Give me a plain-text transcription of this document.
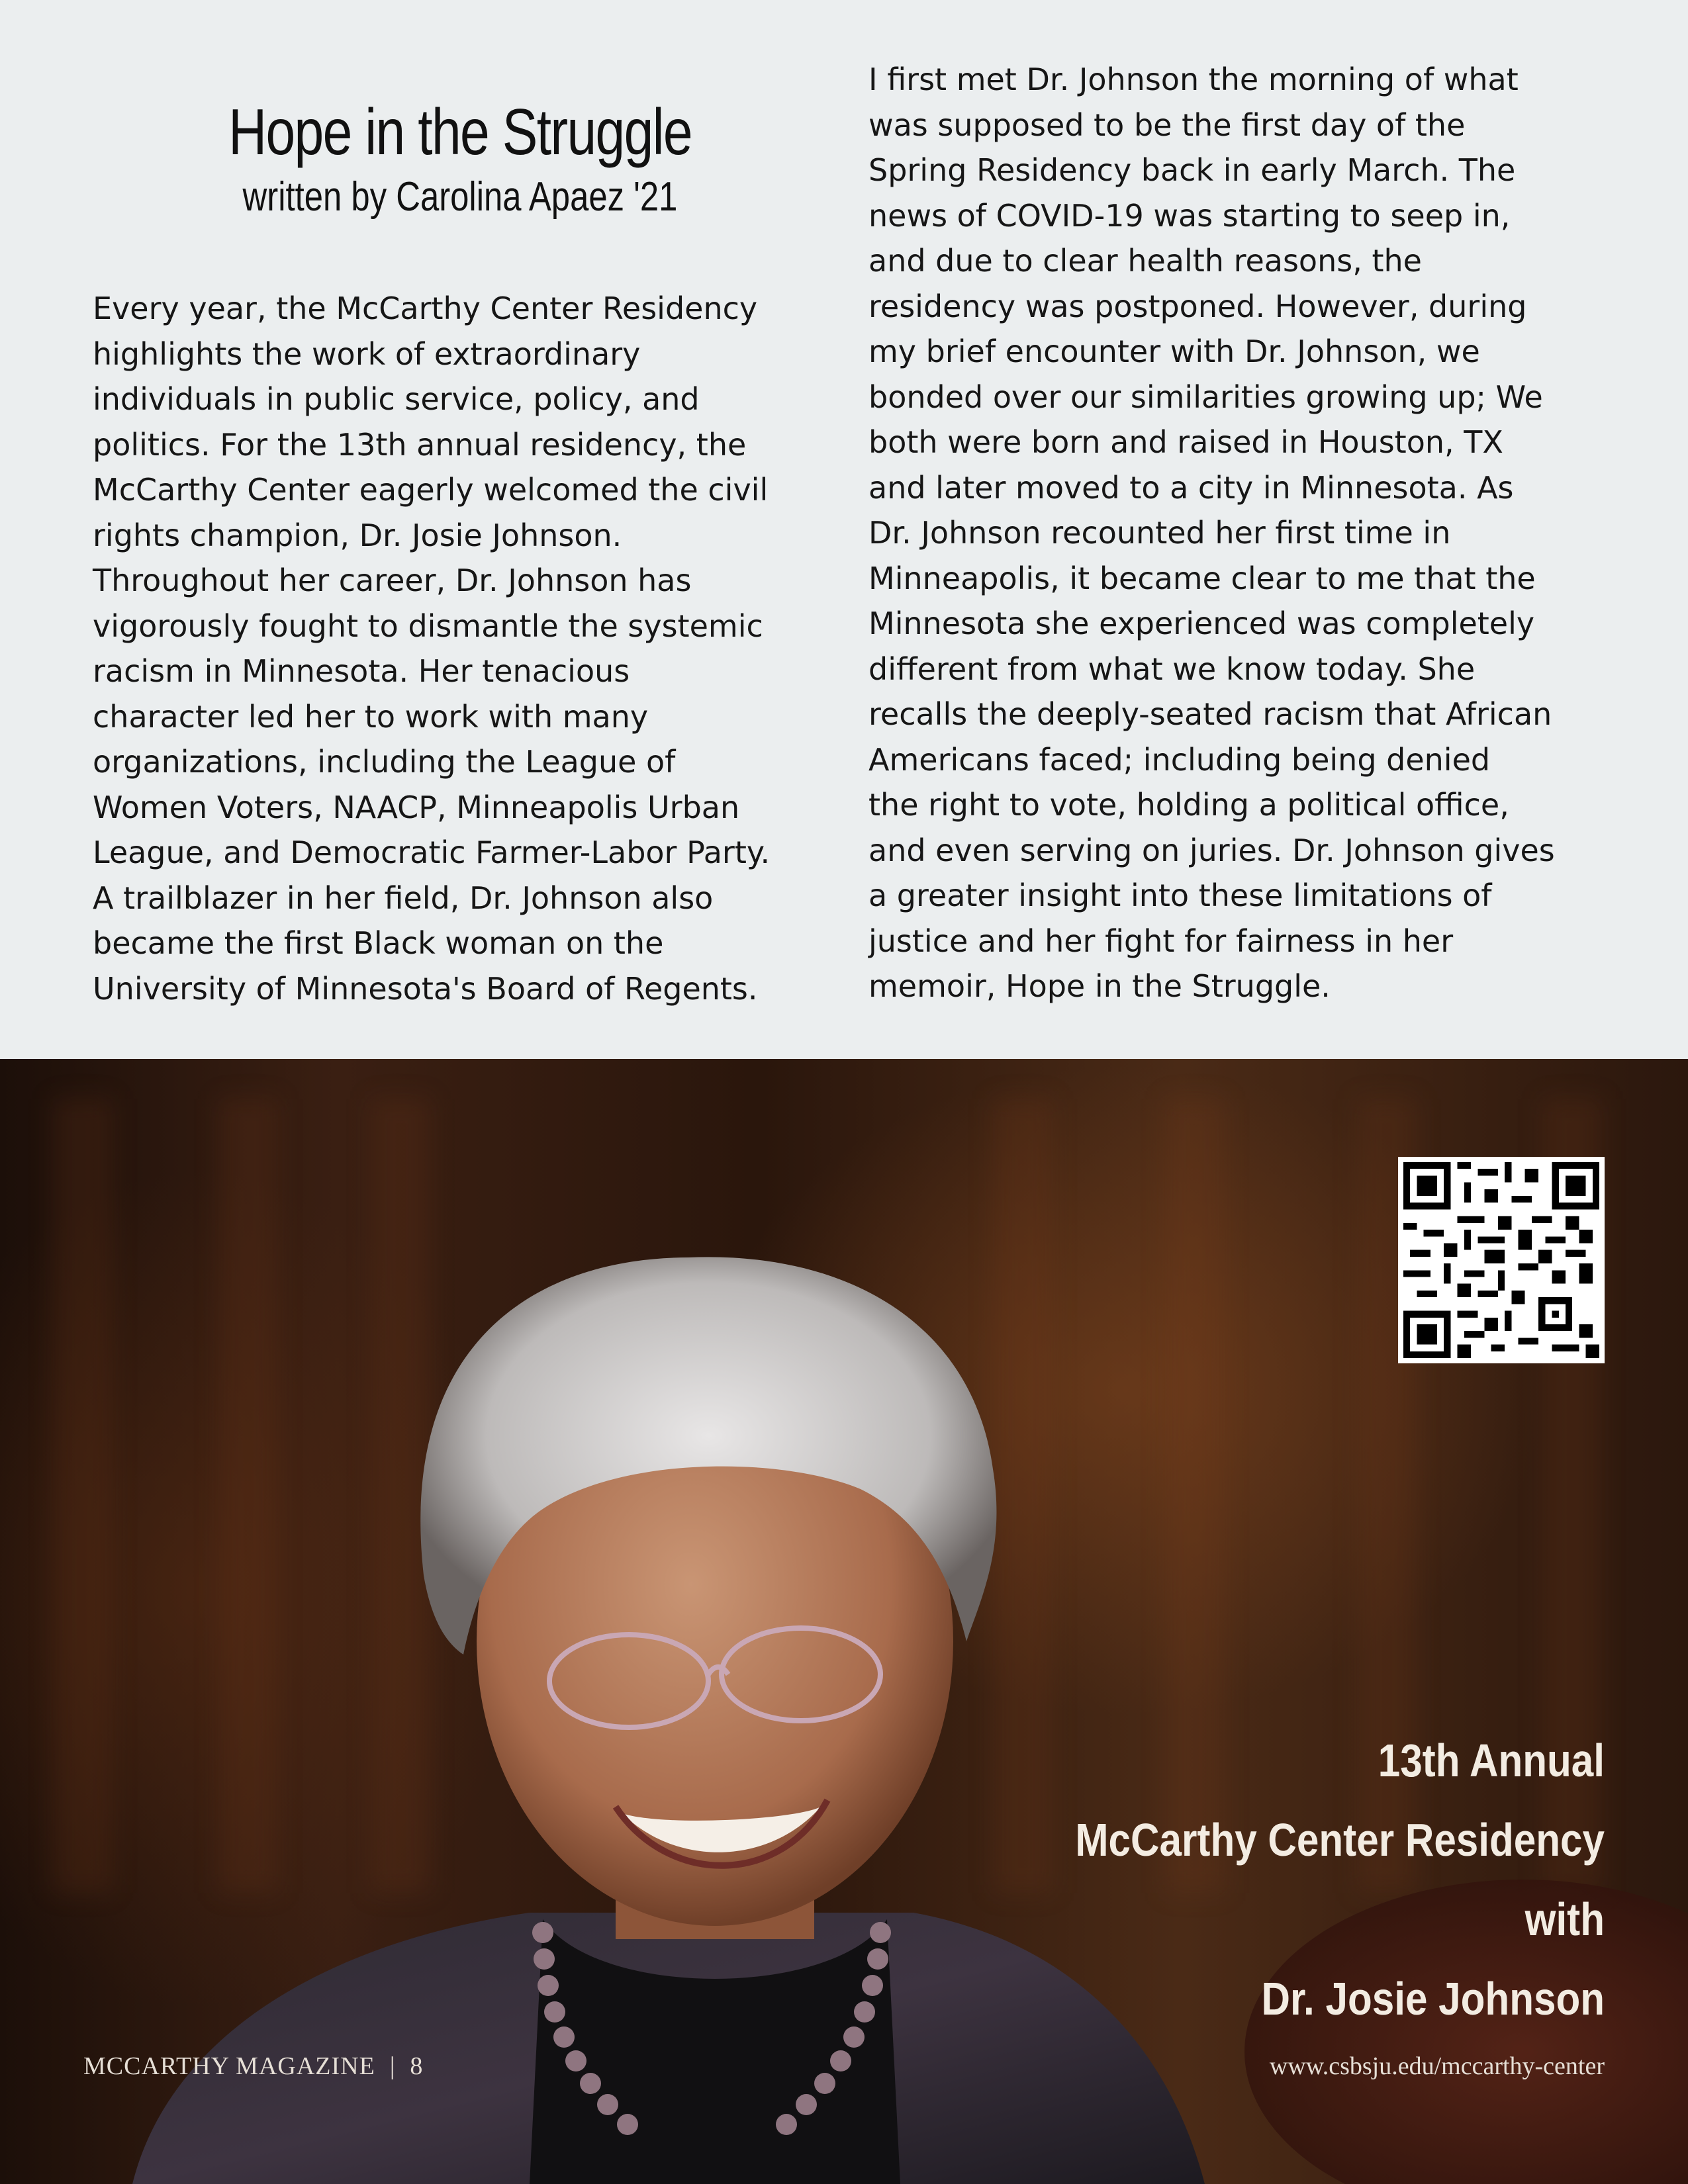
Hope in the Struggle
written by Carolina Apaez '21
Every year, the McCarthy Center Residency
highlights the work of extraordinary
individuals in public service, policy, and
politics. For the 13th annual residency, the
McCarthy Center eagerly welcomed the civil
rights champion, Dr. Josie Johnson.
Throughout her career, Dr. Johnson has
vigorously fought to dismantle the systemic
racism in Minnesota. Her tenacious
character led her to work with many
organizations, including the League of
Women Voters, NAACP, Minneapolis Urban
League, and Democratic Farmer-Labor Party.
A trailblazer in her field, Dr. Johnson also
became the first Black woman on the
University of Minnesota's Board of Regents.
I first met Dr. Johnson the morning of what
was supposed to be the first day of the
Spring Residency back in early March. The
news of COVID-19 was starting to seep in,
and due to clear health reasons, the
residency was postponed. However, during
my brief encounter with Dr. Johnson, we
bonded over our similarities growing up; We
both were born and raised in Houston, TX
and later moved to a city in Minnesota. As
Dr. Johnson recounted her first time in
Minneapolis, it became clear to me that the
Minnesota she experienced was completely
different from what we know today. She
recalls the deeply-seated racism that African
Americans faced; including being denied
the right to vote, holding a political office,
and even serving on juries. Dr. Johnson gives
a greater insight into these limitations of
justice and her fight for fairness in her
memoir, Hope in the Struggle.
13th Annual
McCarthy Center Residency
with
Dr. Josie Johnson
MCCARTHY MAGAZINE | 8	www.csbsju.edu/mccarthy-center
